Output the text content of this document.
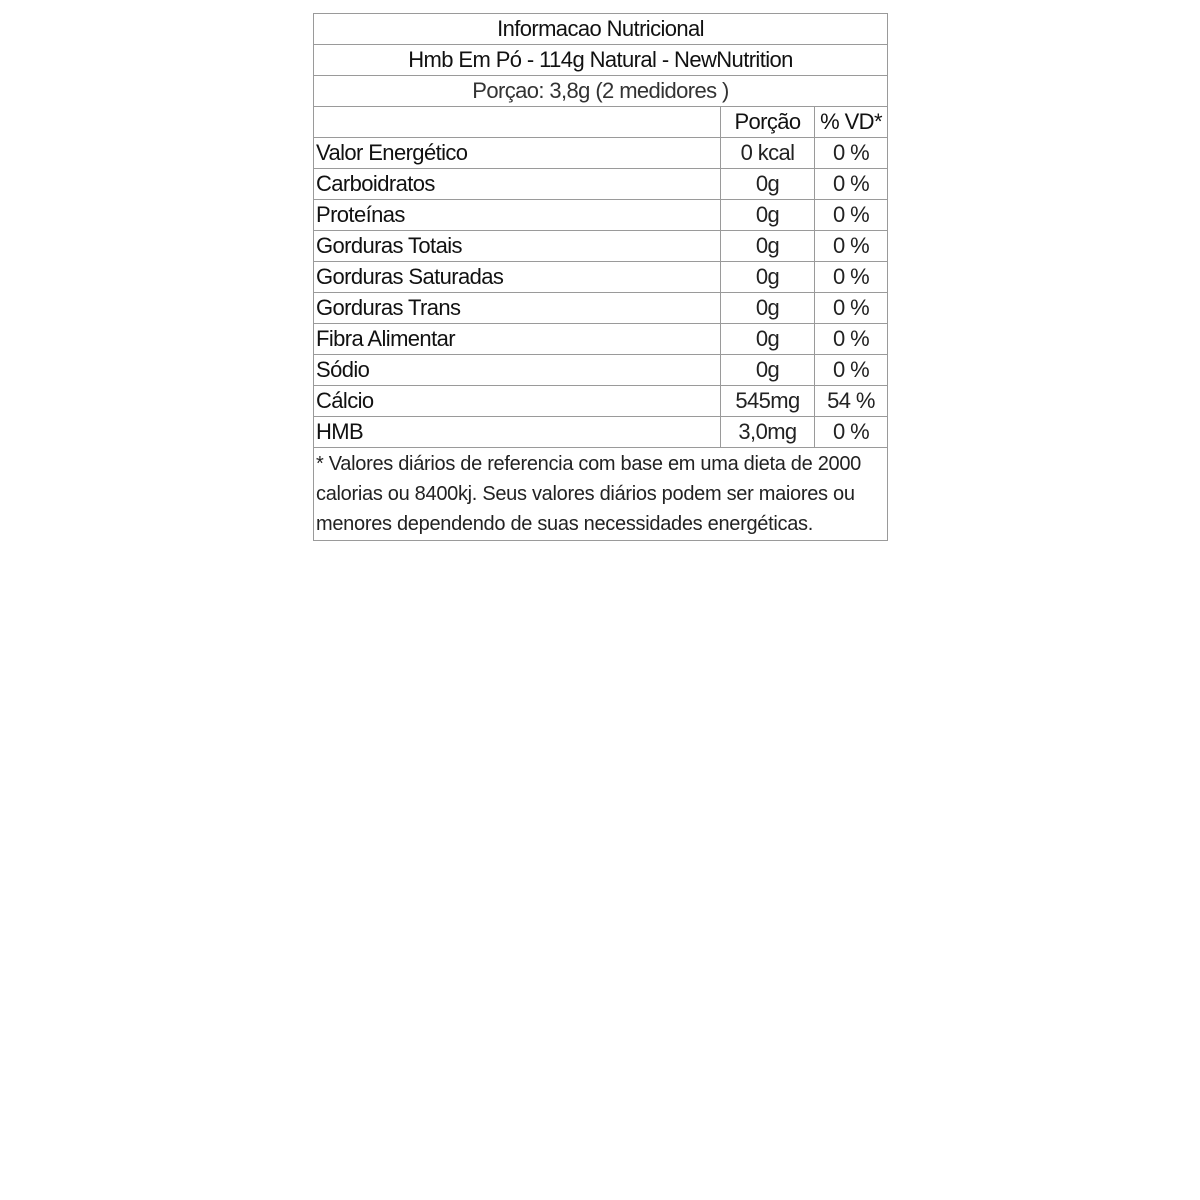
Informacao Nutricional		
Hmb Em Pó - 114g Natural - NewNutrition		
Porçao: 3,8g (2 medidores )		
	Porção	% VD*
Valor Energético	0 kcal	0 %
Carboidratos	0g	0 %
Proteínas	0g	0 %
Gorduras Totais	0g	0 %
Gorduras Saturadas	0g	0 %
Gorduras Trans	0g	0 %
Fibra Alimentar	0g	0 %
Sódio	0g	0 %
Cálcio	545mg	54 %
HMB	3,0mg	0 %
* Valores diários de referencia com base em uma dieta de 2000 calorias ou 8400kj. Seus valores diários podem ser maiores ou menores dependendo de suas necessidades energéticas.		
